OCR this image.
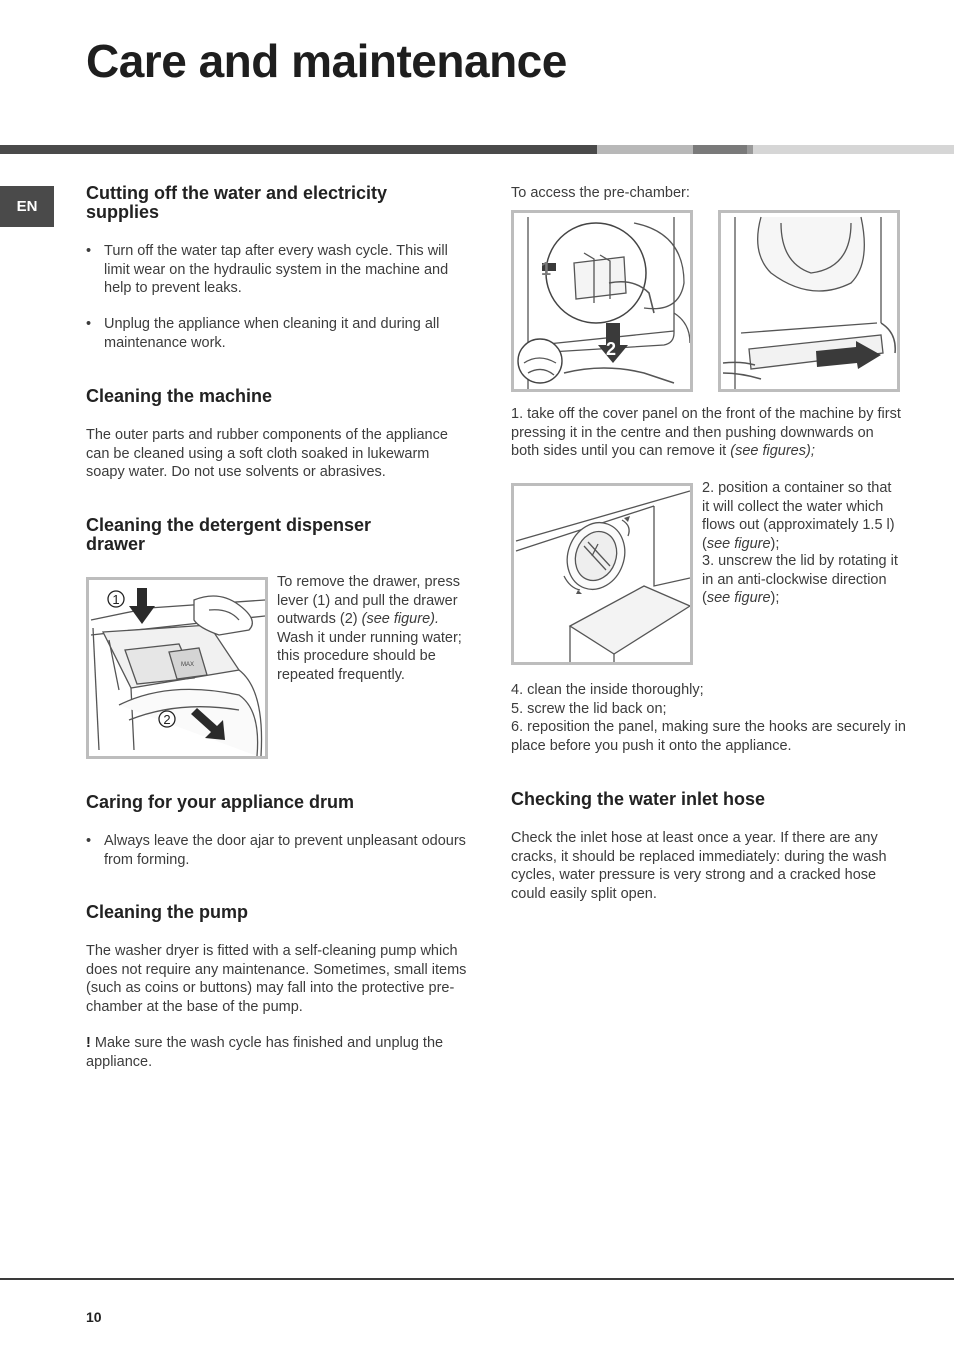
Care and maintenance
EN
Cutting off the water and electricity
supplies
• Turn off the water tap after every wash cycle. This will limit wear on the hydraulic system in the machine and help to prevent leaks.
• Unplug the appliance when cleaning it and during all maintenance work.
Cleaning the machine

The outer parts and rubber components of the appliance can be cleaned using a soft cloth soaked in lukewarm soapy water. Do not use solvents or abrasives.

Cleaning the detergent dispenser
drawer
1
2
MAX

To remove the drawer, press lever (1) and pull the drawer outwards (2) (see figure). Wash it under running water; this procedure should be repeated frequently.

Caring for your appliance drum
• Always leave the door ajar to prevent unpleasant odours from forming.
Cleaning the pump

The washer dryer is fitted with a self-cleaning pump which does not require any maintenance. Sometimes, small items (such as coins or buttons) may fall into the protective pre-chamber at the base of the pump.

! Make sure the wash cycle has finished and unplug the appliance.

To access the pre-chamber:

1
2

1. take off the cover panel on the front of the machine by first pressing it in the centre and then pushing downwards on both sides until you can remove it (see figures);

2. position a container so that it will collect the water which flows out (approximately 1.5 l) (see figure);

3. unscrew the lid by rotating it in an anti-clockwise direction (see figure);

4. clean the inside thoroughly;

5. screw the lid back on;

6. reposition the panel, making sure the hooks are securely in place before you push it onto the appliance.

Checking the water inlet hose

Check the inlet hose at least once a year. If there are any cracks, it should be replaced immediately: during the wash cycles, water pressure is very strong and a cracked hose could easily split open.

10
